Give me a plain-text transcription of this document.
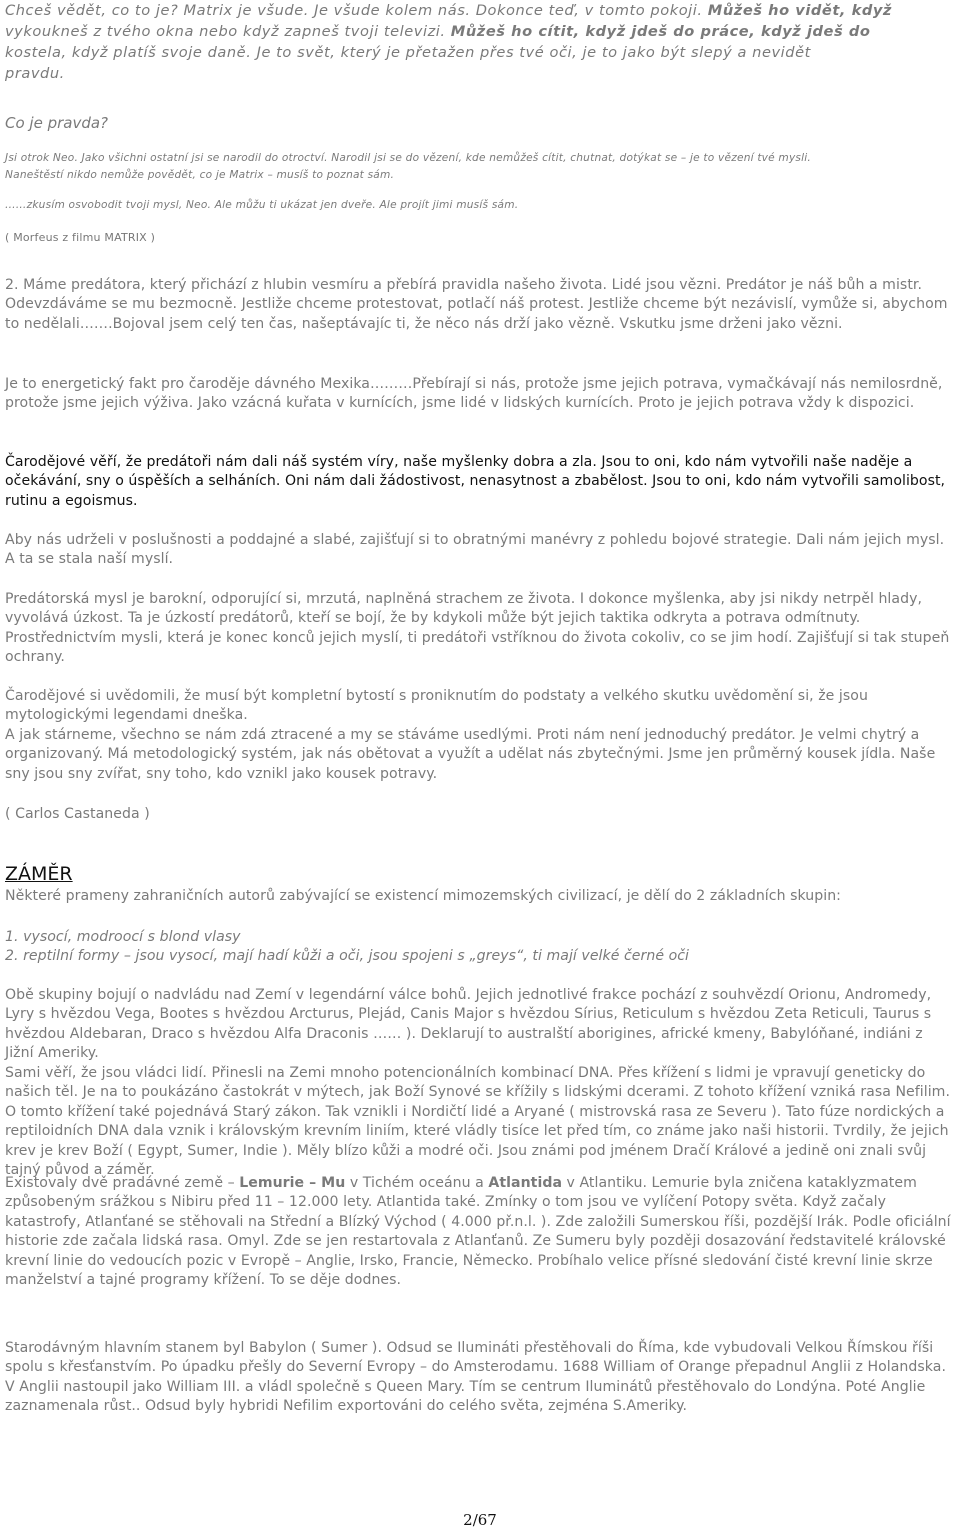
Chceš vědět, co to je? Matrix je všude. Je všude kolem nás. Dokonce teď, v tomto pokoji. Můžeš ho vidět, když
vykoukneš z tvého okna nebo když zapneš tvoji televizi. Můžeš ho cítit, když jdeš do práce, když jdeš do
kostela, když platíš svoje daně. Je to svět, který je přetažen přes tvé oči, je to jako být slepý a nevidět
pravdu.
Co je pravda?
Jsi otrok Neo. Jako všichni ostatní jsi se narodil do otroctví. Narodil jsi se do vězení, kde nemůžeš cítit, chutnat, dotýkat se – je to vězení tvé mysli.
Naneštěstí nikdo nemůže povědět, co je Matrix – musíš to poznat sám.
……zkusím osvobodit tvoji mysl, Neo. Ale můžu ti ukázat jen dveře. Ale projít jimi musíš sám.
( Morfeus z filmu MATRIX )
2. Máme predátora, který přichází z hlubin vesmíru a přebírá pravidla našeho života. Lidé jsou vězni. Predátor je náš bůh a mistr. Odevzdáváme se mu bezmocně. Jestliže chceme protestovat, potlačí náš protest. Jestliže chceme být nezávislí, vymůže si, abychom to nedělali…….Bojoval jsem celý ten čas, našeptávajíc ti, že něco nás drží jako vězně. Vskutku jsme drženi jako vězni.
Je to energetický fakt pro čaroděje dávného Mexika………Přebírají si nás, protože jsme jejich potrava, vymačkávají nás nemilosrdně, protože jsme jejich výživa. Jako vzácná kuřata v kurnících, jsme lidé v lidských kurnících. Proto je jejich potrava vždy k dispozici.
Čarodějové věří, že predátoři nám dali náš systém víry, naše myšlenky dobra a zla. Jsou to oni, kdo nám vytvořili naše naděje a očekávání, sny o úspěších a selháních. Oni nám dali žádostivost, nenasytnost a zbabělost. Jsou to oni, kdo nám vytvořili samolibost, rutinu a egoismus.
Aby nás udrželi v poslušnosti a poddajné a slabé, zajišťují si to obratnými manévry z pohledu bojové strategie. Dali nám jejich mysl. A ta se stala naší myslí.
Predátorská mysl je barokní, odporující si, mrzutá, naplněná strachem ze života. I dokonce myšlenka, aby jsi nikdy netrpěl hlady, vyvolává úzkost. Ta je úzkostí predátorů, kteří se bojí, že by kdykoli může být jejich taktika odkryta a potrava odmítnuty. Prostřednictvím mysli, která je konec konců jejich myslí, ti predátoři vstříknou do života cokoliv, co se jim hodí. Zajišťují si tak stupeň ochrany.
Čarodějové si uvědomili, že musí být kompletní bytostí s proniknutím do podstaty a velkého skutku uvědomění si, že jsou mytologickými legendami dneška.
A jak stárneme, všechno se nám zdá ztracené a my se stáváme usedlými. Proti nám není jednoduchý predátor. Je velmi chytrý a organizovaný. Má metodologický systém, jak nás obětovat a využít a udělat nás zbytečnými. Jsme jen průměrný kousek jídla. Naše sny jsou sny zvířat, sny toho, kdo vznikl jako kousek potravy.
( Carlos Castaneda )
ZÁMĚR
Některé prameny zahraničních autorů zabývající se existencí mimozemských civilizací, je dělí do 2 základních skupin:
1. vysocí, modroocí s blond vlasy
2. reptilní formy – jsou vysocí, mají hadí kůži a oči, jsou spojeni s „greys“, ti mají velké černé oči
Obě skupiny bojují o nadvládu nad Zemí v legendární válce bohů. Jejich jednotlivé frakce pochází z souhvězdí Orionu, Andromedy, Lyry s hvězdou Vega, Bootes s hvězdou Arcturus, Plejád, Canis Major s hvězdou Sírius, Reticulum s hvězdou Zeta Reticuli, Taurus s hvězdou Aldebaran, Draco s hvězdou Alfa Draconis …… ). Deklarují to australští aborigines, africké kmeny, Babylóňané, indiáni z Jižní Ameriky.
Sami věří, že jsou vládci lidí. Přinesli na Zemi mnoho potencionálních kombinací DNA. Přes křížení s lidmi je vpravují geneticky do našich těl. Je na to poukázáno častokrát v mýtech, jak Boží Synové se křížily s lidskými dcerami. Z tohoto křížení vzniká rasa Nefilim. O tomto křížení také pojednává Starý zákon. Tak vznikli i Nordičtí lidé a Aryané ( mistrovská rasa ze Severu ). Tato fúze nordických a reptiloidních DNA dala vznik i královským krevním liniím, které vládly tisíce let před tím, co známe jako naši historii. Tvrdily, že jejich krev je krev Boží ( Egypt, Sumer, Indie ). Měly blízo kůži a modré oči. Jsou známi pod jménem Dračí Králové a jedině oni znali svůj tajný původ a záměr.
Existovaly dvě pradávné země – Lemurie – Mu v Tichém oceánu a Atlantida v Atlantiku. Lemurie byla zničena kataklyzmatem způsobeným srážkou s Nibiru před 11 – 12.000 lety. Atlantida také. Zmínky o tom jsou ve vylíčení Potopy světa. Když začaly katastrofy, Atlanťané se stěhovali na Střední a Blízký Východ ( 4.000 př.n.l. ). Zde založili Sumerskou říši, pozdější Irák. Podle oficiální historie zde začala lidská rasa. Omyl. Zde se jen restartovala z Atlanťanů. Ze Sumeru byly později dosazování ředstavitelé královské krevní linie do vedoucích pozic v Evropě – Anglie, Irsko, Francie, Německo. Probíhalo velice přísné sledování čisté krevní linie skrze manželství a tajné programy křížení. To se děje dodnes.
Starodávným hlavním stanem byl Babylon ( Sumer ). Odsud se Ilumináti přestěhovali do Říma, kde vybudovali Velkou Římskou říši spolu s křesťanstvím. Po úpadku přešly do Severní Evropy – do Amsterodamu. 1688 William of Orange přepadnul Anglii z Holandska. V Anglii nastoupil jako William III. a vládl společně s Queen Mary. Tím se centrum Iluminátů přestěhovalo do Londýna. Poté Anglie zaznamenala růst.. Odsud byly hybridi Nefilim exportováni do celého světa, zejména S.Ameriky.
2/67
